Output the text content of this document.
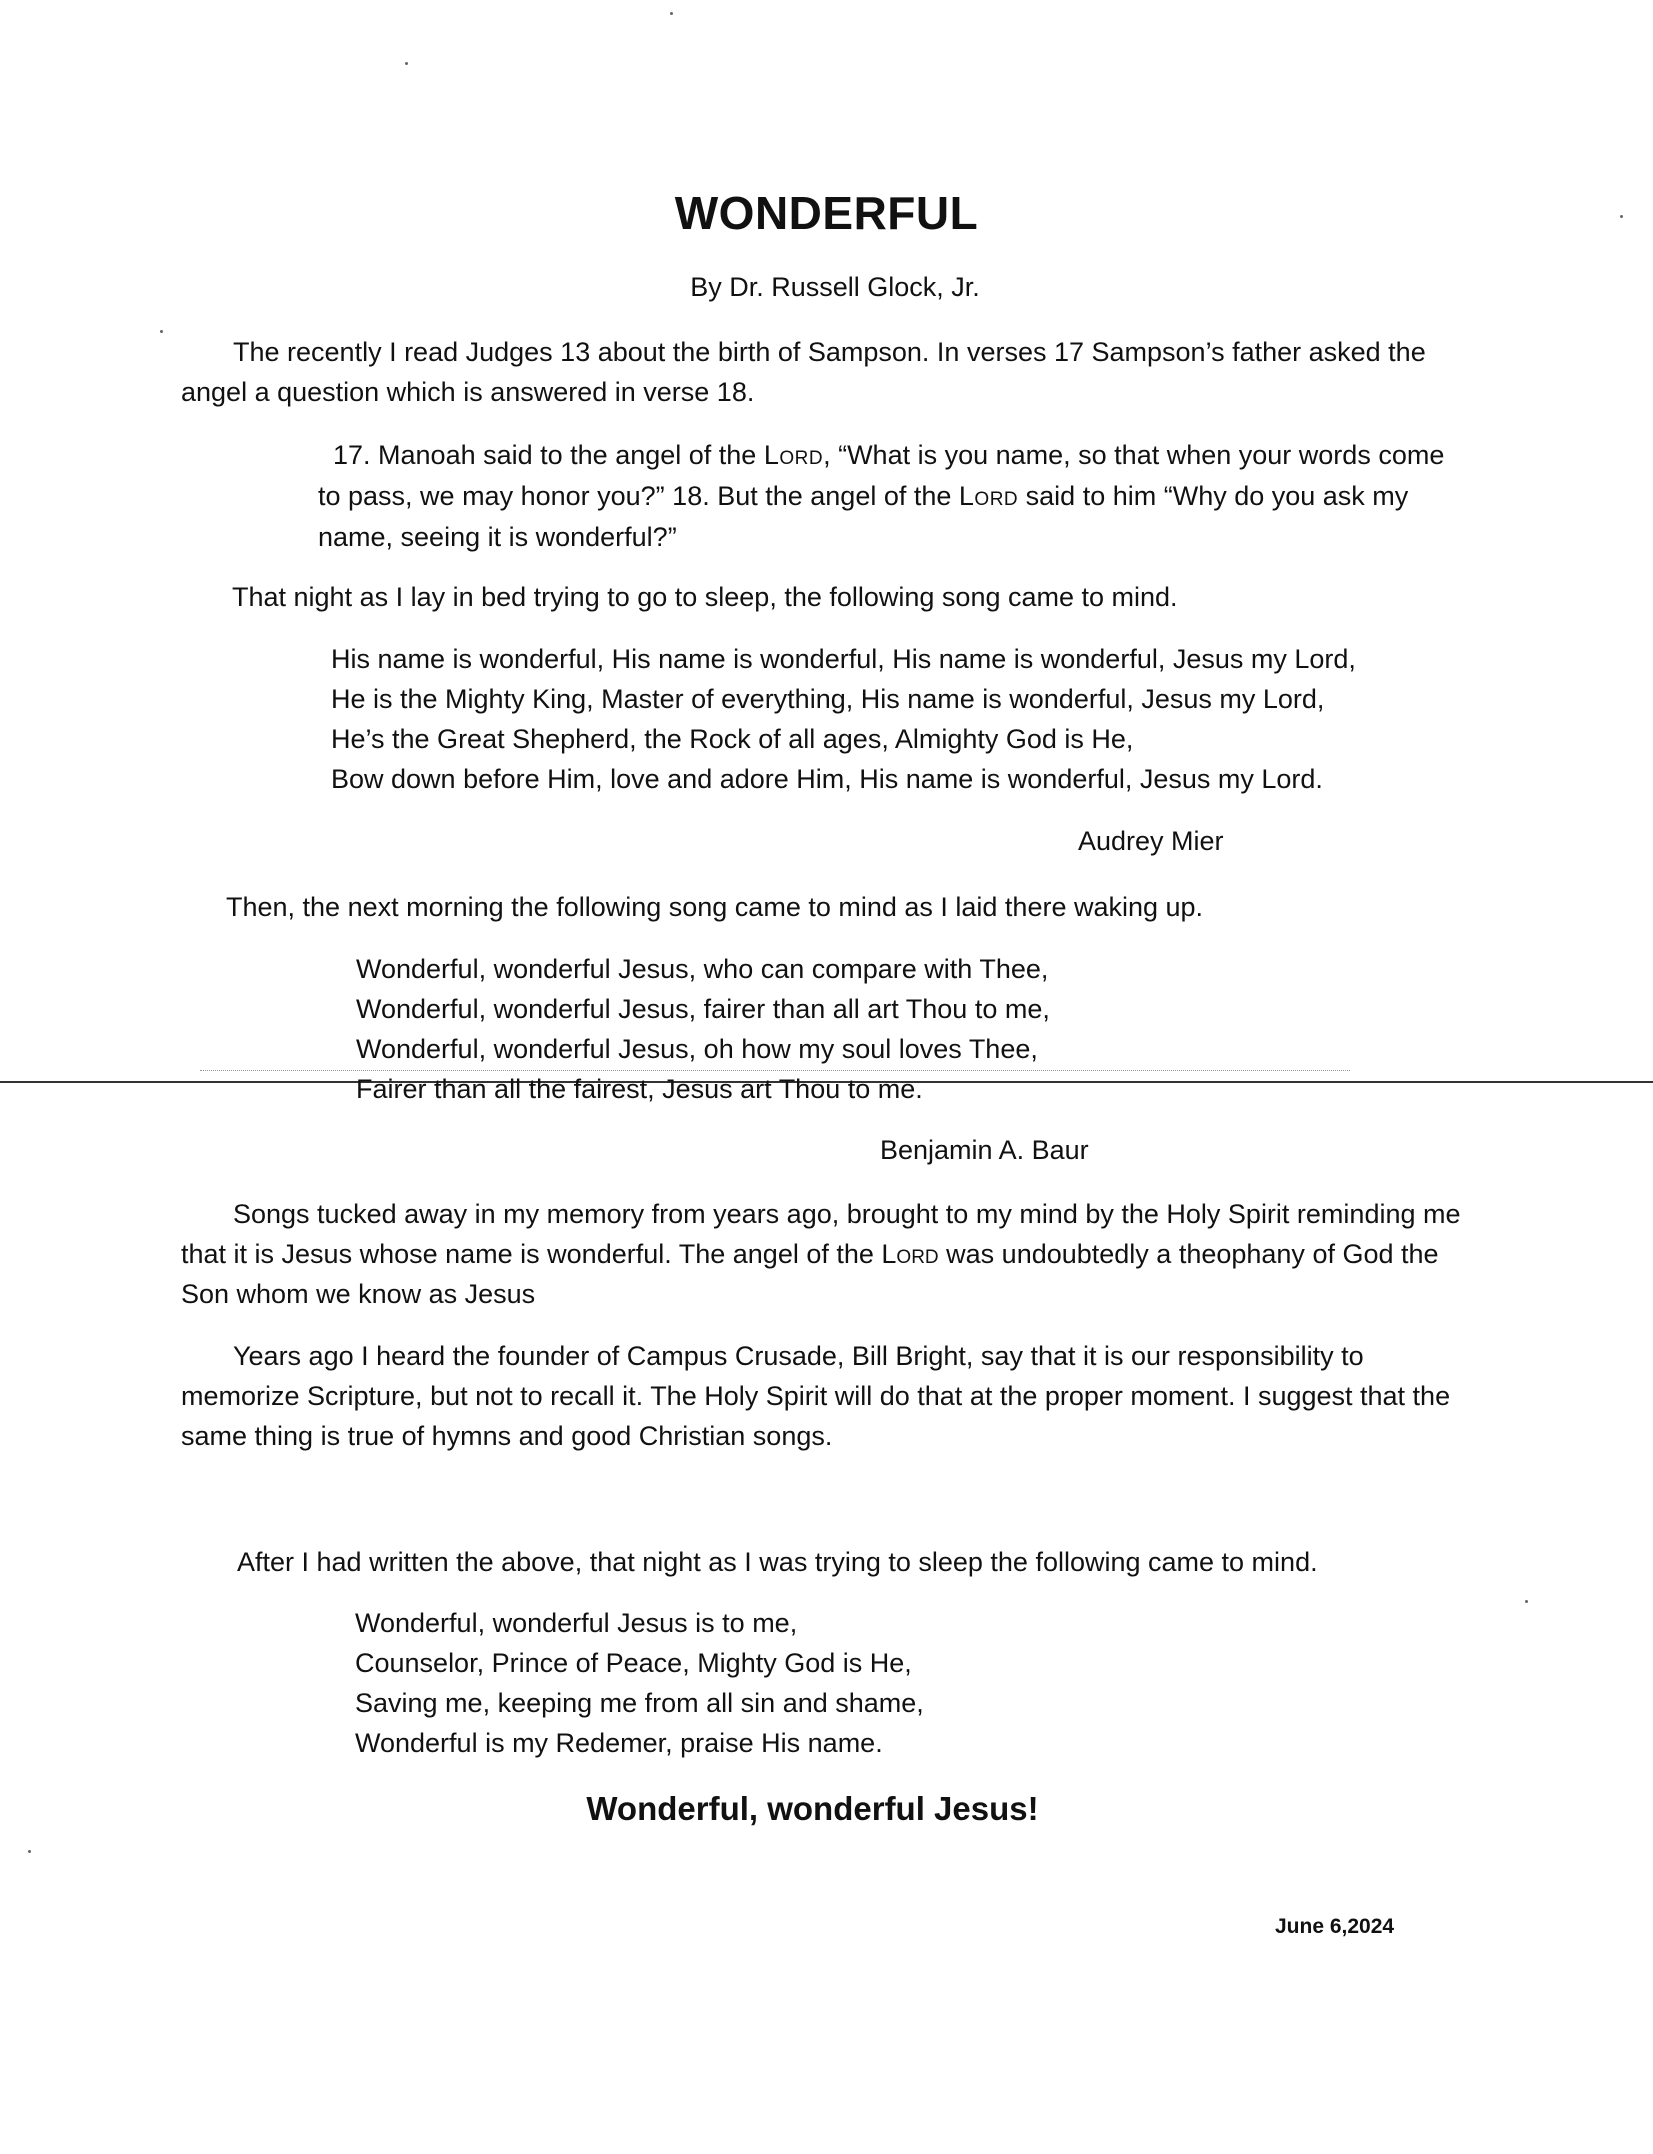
WONDERFUL

By Dr. Russell Glock, Jr.

The recently I read Judges 13 about the birth of Sampson. In verses 17 Sampson’s father asked the angel a question which is answered in verse 18.

17. Manoah said to the angel of the Lord, “What is you name, so that when your words come to pass, we may honor you?” 18. But the angel of the Lord said to him “Why do you ask my name, seeing it is wonderful?”

That night as I lay in bed trying to go to sleep, the following song came to mind.

His name is wonderful, His name is wonderful, His name is wonderful, Jesus my Lord,
He is the Mighty King, Master of everything, His name is wonderful, Jesus my Lord,
He’s the Great Shepherd, the Rock of all ages, Almighty God is He,
Bow down before Him, love and adore Him, His name is wonderful, Jesus my Lord.

Audrey Mier

Then, the next morning the following song came to mind as I laid there waking up.

Wonderful, wonderful Jesus, who can compare with Thee,
Wonderful, wonderful Jesus, fairer than all art Thou to me,
Wonderful, wonderful Jesus, oh how my soul loves Thee,
Fairer than all the fairest, Jesus art Thou to me.

Benjamin A. Baur

Songs tucked away in my memory from years ago, brought to my mind by the Holy Spirit reminding me that it is Jesus whose name is wonderful. The angel of the Lord was undoubtedly a theophany of God the Son whom we know as Jesus

Years ago I heard the founder of Campus Crusade, Bill Bright, say that it is our responsibility to memorize Scripture, but not to recall it. The Holy Spirit will do that at the proper moment. I suggest that the same thing is true of hymns and good Christian songs.

After I had written the above, that night as I was trying to sleep the following came to mind.

Wonderful, wonderful Jesus is to me,
Counselor, Prince of Peace, Mighty God is He,
Saving me, keeping me from all sin and shame,
Wonderful is my Redemer, praise His name.

Wonderful, wonderful Jesus!

June 6,2024
